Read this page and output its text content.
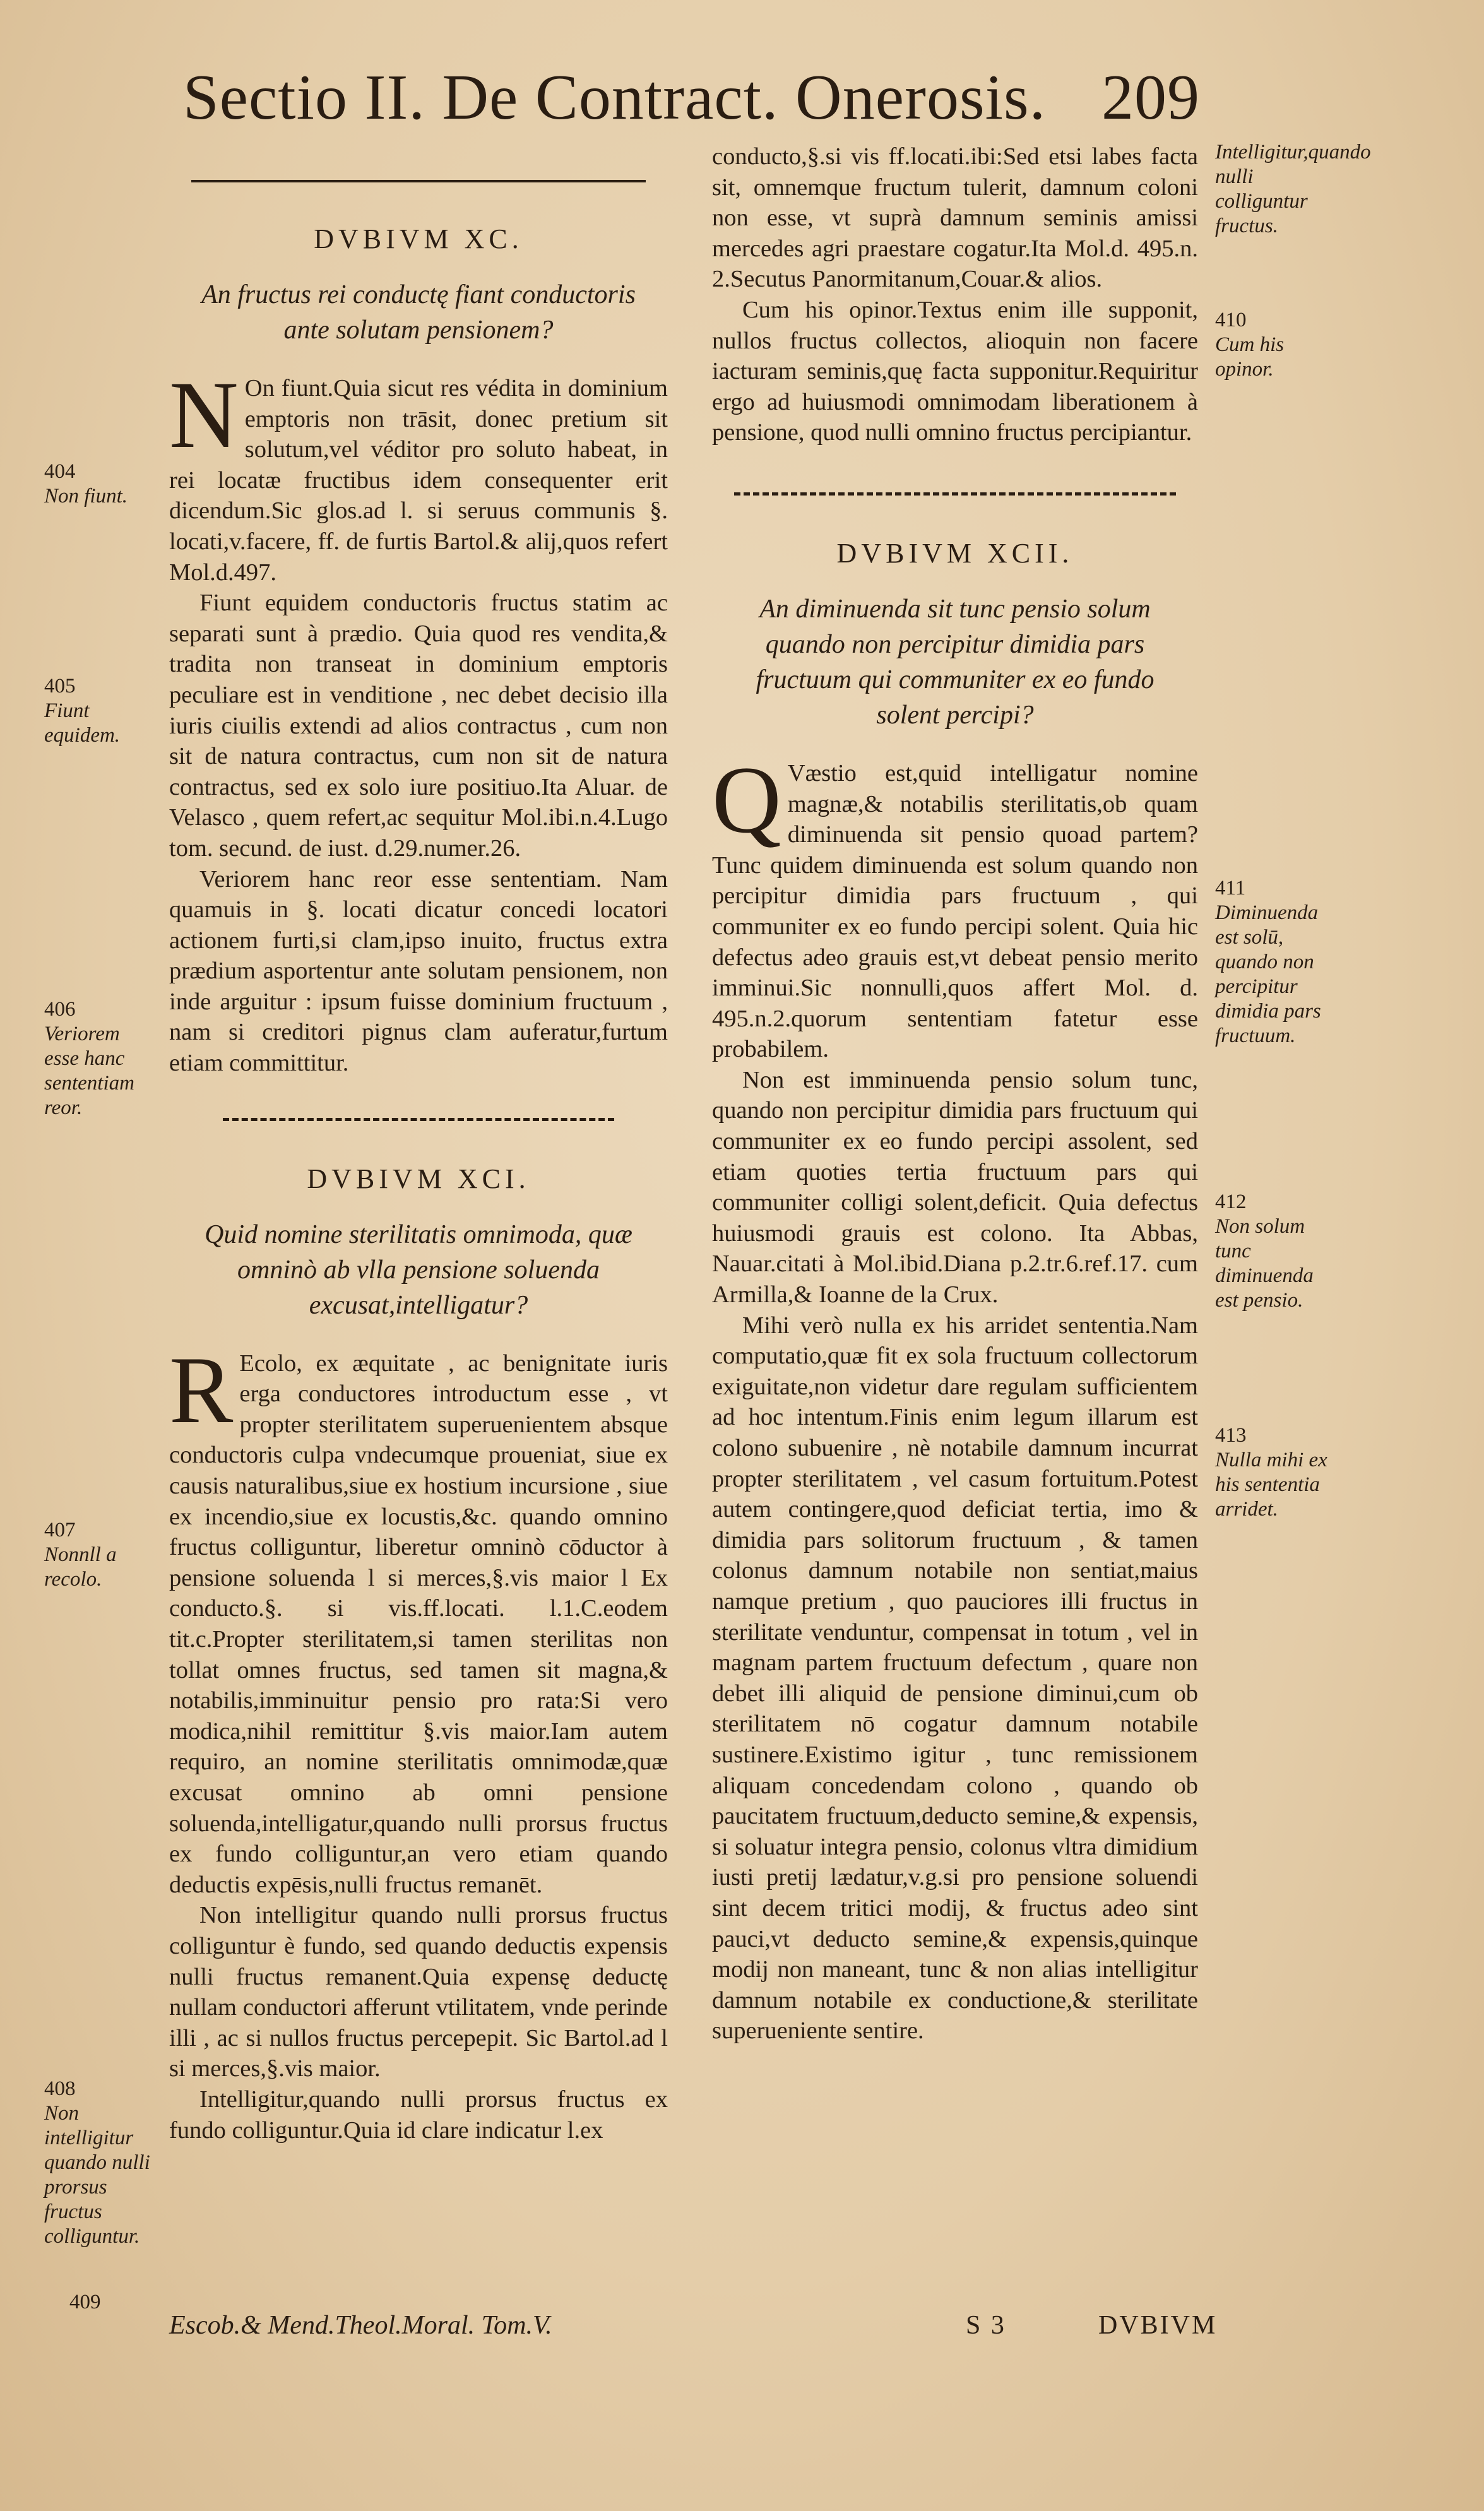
Sectio II. De Contract. Onerosis. 209
DVBIVM XC.
An fructus rei conductę fiant conductoris ante solutam pensionem?

N On fiunt.Quia sicut res védita in dominium emptoris non trāsit, donec pretium sit solutum,vel véditor pro soluto habeat, in rei locatæ fructibus idem consequenter erit dicendum.Sic glos.ad l. si seruus communis §. locati,v.facere, ff. de furtis Bartol.& alij,quos refert Mol.d.497.

Fiunt equidem conductoris fructus statim ac separati sunt à prædio. Quia quod res vendita,& tradita non transeat in dominium emptoris peculiare est in venditione , nec debet decisio illa iuris ciuilis extendi ad alios contractus , cum non sit de natura contractus, cum non sit de natura contractus, sed ex solo iure positiuo.Ita Aluar. de Velasco , quem refert,ac sequitur Mol.ibi.n.4.Lugo tom. secund. de iust. d.29.numer.26.

Veriorem hanc reor esse sententiam. Nam quamuis in §. locati dicatur concedi locatori actionem furti,si clam,ipso inuito, fructus extra prædium asportentur ante solutam pensionem, non inde arguitur : ipsum fuisse dominium fructuum , nam si creditori pignus clam auferatur,furtum etiam committitur.

DVBIVM XCI.
Quid nomine sterilitatis omnimoda, quæ omninò ab vlla pensione soluenda excusat,intelligatur?

R Ecolo, ex æquitate , ac benignitate iuris erga conductores introductum esse , vt propter sterilitatem superuenientem absque conductoris culpa vndecumque proueniat, siue ex causis naturalibus,siue ex hostium incursione , siue ex incendio,siue ex locustis,&c. quando omnino fructus colliguntur, liberetur omninò cōductor à pensione soluenda l si merces,§.vis maior l Ex conducto.§. si vis.ff.locati. l.1.C.eodem tit.c.Propter sterilitatem,si tamen sterilitas non tollat omnes fructus, sed tamen sit magna,& notabilis,imminuitur pensio pro rata:Si vero modica,nihil remittitur §.vis maior.Iam autem requiro, an nomine sterilitatis omnimodæ,quæ excusat omnino ab omni pensione soluenda,intelligatur,quando nulli prorsus fructus ex fundo colliguntur,an vero etiam quando deductis expēsis,nulli fructus remanēt.

Non intelligitur quando nulli prorsus fructus colliguntur è fundo, sed quando deductis expensis nulli fructus remanent.Quia expensę deductę nullam conductori afferunt vtilitatem, vnde perinde illi , ac si nullos fructus percepерit. Sic Bartol.ad l si merces,§.vis maior.

Intelligitur,quando nulli prorsus fructus ex fundo colliguntur.Quia id clare indicatur l.ex

conducto,§.si vis ff.locati.ibi:Sed etsi labes facta sit, omnemque fructum tulerit, damnum coloni non esse, vt suprà damnum seminis amissi mercedes agri praestare cogatur.Ita Mol.d. 495.n. 2.Secutus Panormitanum,Couar.& alios.

Cum his opinor.Textus enim ille supponit, nullos fructus collectos, alioquin non facere iacturam seminis,quę facta supponitur.Requiritur ergo ad huiusmodi omnimodam liberationem à pensione, quod nulli omnino fructus percipiantur.

DVBIVM XCII.
An diminuenda sit tunc pensio solum quando non percipitur dimidia pars fructuum qui communiter ex eo fundo solent percipi?

Q Væstio est,quid intelligatur nomine magnæ,& notabilis sterilitatis,ob quam diminuenda sit pensio quoad partem?Tunc quidem diminuenda est solum quando non percipitur dimidia pars fructuum , qui communiter ex eo fundo percipi solent. Quia hic defectus adeo grauis est,vt debeat pensio merito imminui.Sic nonnulli,quos affert Mol. d. 495.n.2.quorum sententiam fatetur esse probabilem.

Non est imminuenda pensio solum tunc, quando non percipitur dimidia pars fructuum qui communiter ex eo fundo percipi assolent, sed etiam quoties tertia fructuum pars qui communiter colligi solent,deficit. Quia defectus huiusmodi grauis est colono. Ita Abbas, Nauar.citati à Mol.ibid.Diana p.2.tr.6.ref.17. cum Armilla,& Ioanne de la Crux.

Mihi verò nulla ex his arridet sententia.Nam computatio,quæ fit ex sola fructuum collectorum exiguitate,non videtur dare regulam sufficientem ad hoc intentum.Finis enim legum illarum est colono subuenire , nè notabile damnum incurrat propter sterilitatem , vel casum fortuitum.Potest autem contingere,quod deficiat tertia, imo & dimidia pars solitorum fructuum , & tamen colonus damnum notabile non sentiat,maius namque pretium , quo pauciores illi fructus in sterilitate venduntur, compensat in totum , vel in magnam partem fructuum defectum , quare non debet illi aliquid de pensione diminui,cum ob sterilitatem nō cogatur damnum notabile sustinere.Existimo igitur , tunc remissionem aliquam concedendam colono , quando ob paucitatem fructuum,deducto semine,& expensis, si soluatur integra pensio, colonus vltra dimidium iusti pretij lædatur,v.g.si pro pensione soluendi sint decem tritici modij, & fructus adeo sint pauci,vt deducto semine,& expensis,quinque modij non maneant, tunc & non alias intelligitur damnum notabile ex conductione,& sterilitate superueniente sentire.

404
Non fiunt.
405
Fiunt equidem.
406
Veriorem esse hanc sententiam reor.
407
Nonnll a recolo.
408
Non intelligitur quando nulli prorsus fructus colliguntur.
409
Intelligitur,quando nulli colliguntur fructus.
410
Cum his opinor.
411
Diminuenda est solū, quando non percipitur dimidia pars fructuum.
412
Non solum tunc diminuenda est pensio.
413
Nulla mihi ex his sententia arridet.
Escob.& Mend.Theol.Moral. Tom.V.	S 3	DVBIVM
